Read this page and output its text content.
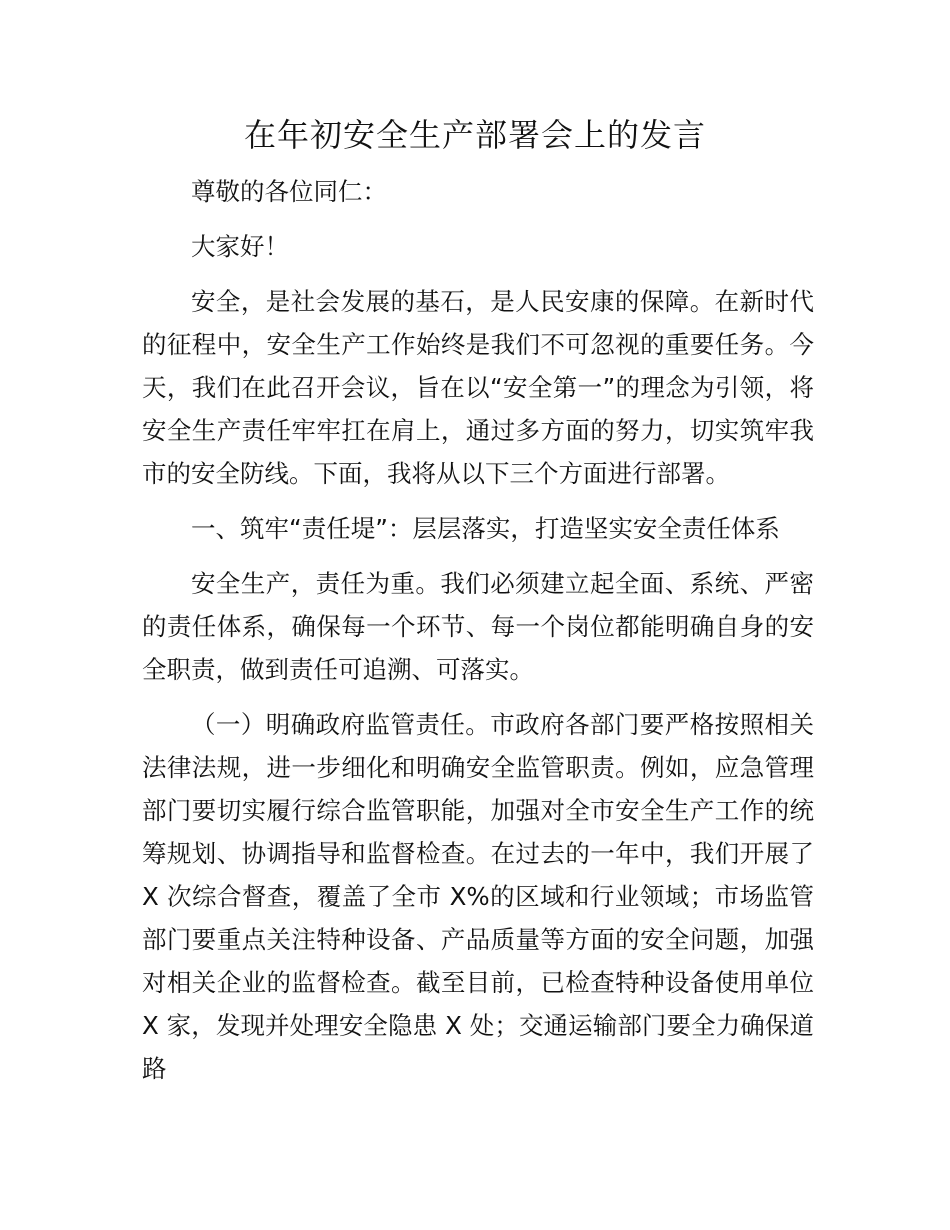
在年初安全生产部署会上的发言

尊敬的各位同仁：

大家好！

安全，是社会发展的基石，是人民安康的保障。在新时代的征程中，安全生产工作始终是我们不可忽视的重要任务。今天，我们在此召开会议，旨在以“安全第一”的理念为引领，将安全生产责任牢牢扛在肩上，通过多方面的努力，切实筑牢我市的安全防线。下面，我将从以下三个方面进行部署。

一、筑牢“责任堤”：层层落实，打造坚实安全责任体系

安全生产，责任为重。我们必须建立起全面、系统、严密的责任体系，确保每一个环节、每一个岗位都能明确自身的安全职责，做到责任可追溯、可落实。

（一）明确政府监管责任。市政府各部门要严格按照相关法律法规，进一步细化和明确安全监管职责。例如，应急管理部门要切实履行综合监管职能，加强对全市安全生产工作的统筹规划、协调指导和监督检查。在过去的一年中，我们开展了 X 次综合督查，覆盖了全市 X%的区域和行业领域；市场监管部门要重点关注特种设备、产品质量等方面的安全问题，加强对相关企业的监督检查。截至目前，已检查特种设备使用单位 X 家，发现并处理安全隐患 X 处；交通运输部门要全力确保道路
